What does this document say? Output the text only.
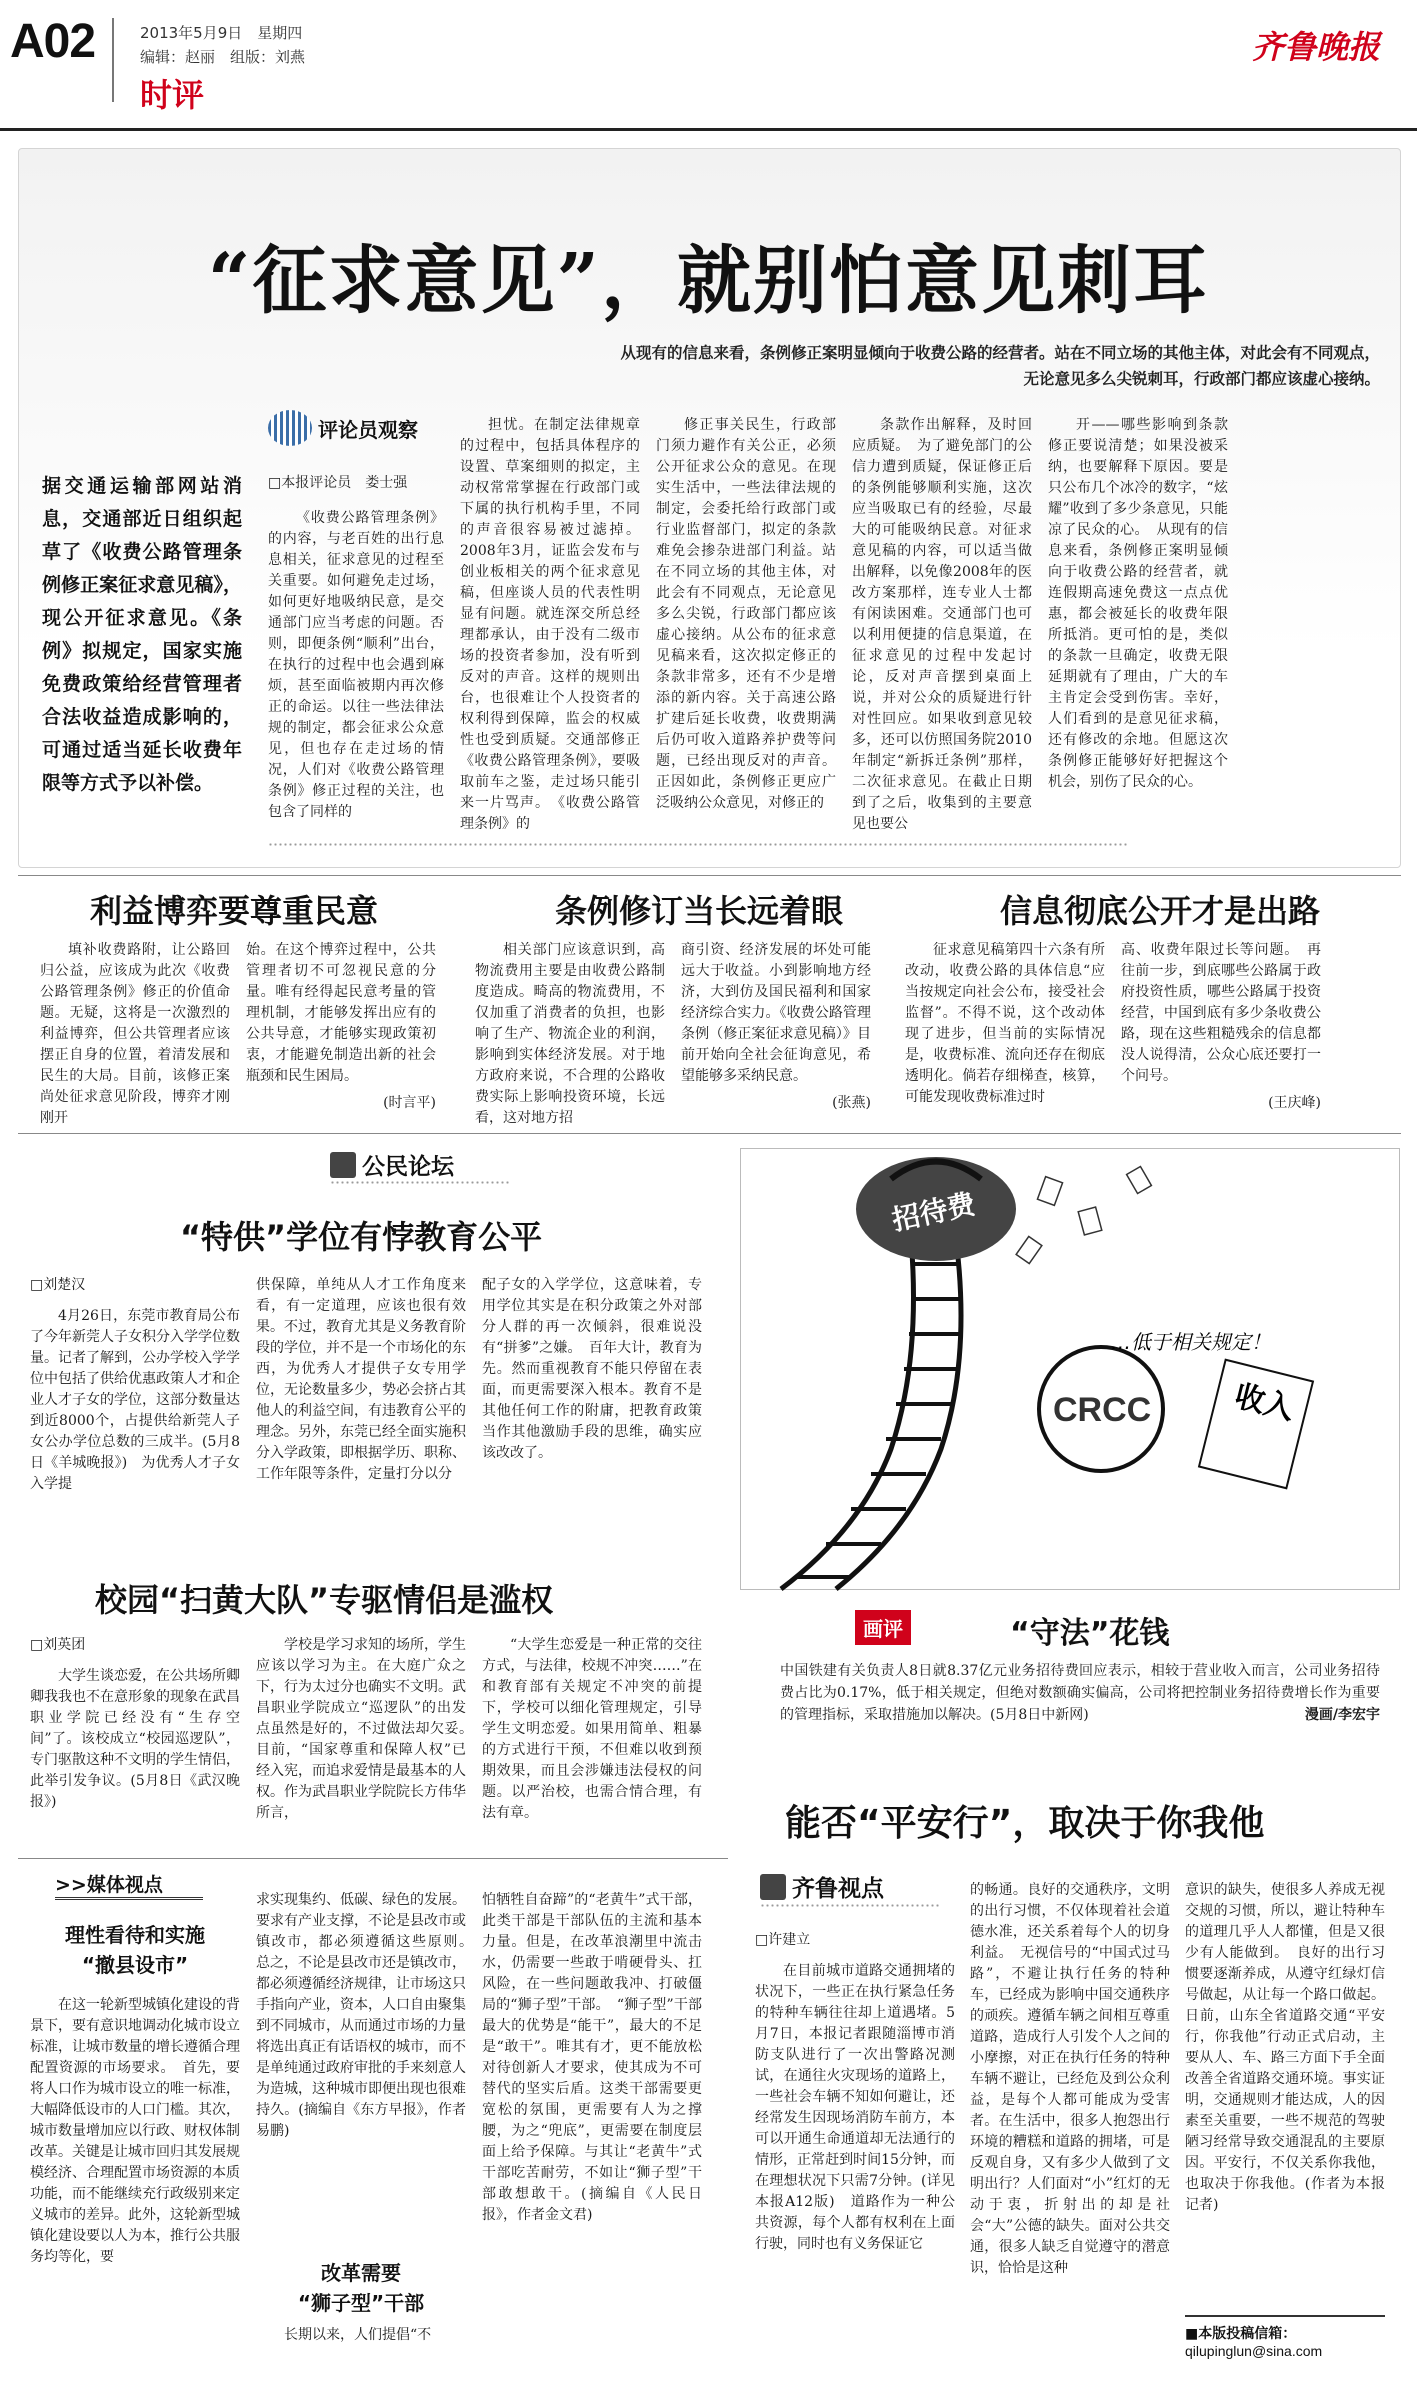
A02	2013年5月9日　 星期四
编辑：赵丽　 组版：刘燕
时评
齐鲁晚报
“征求意见”，就别怕意见刺耳
从现有的信息来看，条例修正案明显倾向于收费公路的经营者。站在不同立场的其他主体，对此会有不同观点，
无论意见多么尖锐刺耳，行政部门都应该虚心接纳。
评论员观察
据交通运输部网站消息，交通部近日组织起草了《收费公路管理条例修正案征求意见稿》，现公开征求意见。《条例》拟规定，国家实施免费政策给经营管理者合法收益造成影响的，可通过适当延长收费年限等方式予以补偿。
□本报评论员　娄士强

《收费公路管理条例》的内容，与老百姓的出行息息相关，征求意见的过程至关重要。如何避免走过场，如何更好地吸纳民意，是交通部门应当考虑的问题。否则，即便条例“顺利”出台，在执行的过程中也会遇到麻烦，甚至面临被期内再次修正的命运。以往一些法律法规的制定，都会征求公众意见，但也存在走过场的情况，人们对《收费公路管理条例》修正过程的关注，也包含了同样的

担忧。在制定法律规章的过程中，包括具体程序的设置、草案细则的拟定，主动权常常掌握在行政部门或下属的执行机构手里，不同的声音很容易被过滤掉。2008年3月，证监会发布与创业板相关的两个征求意见稿，但座谈人员的代表性明显有问题。就连深交所总经理都承认，由于没有二级市场的投资者参加，没有听到反对的声音。这样的规则出台，也很难让个人投资者的权利得到保障，监会的权威性也受到质疑。交通部修正《收费公路管理条例》，要吸取前车之鉴，走过场只能引来一片骂声。　《收费公路管理条例》的

修正事关民生，行政部门须力避作有关公正，必须公开征求公众的意见。在现实生活中，一些法律法规的制定，会委托给行政部门或行业监督部门，拟定的条款难免会掺杂进部门利益。站在不同立场的其他主体，对此会有不同观点，无论意见多么尖锐，行政部门都应该虚心接纳。从公布的征求意见稿来看，这次拟定修正的条款非常多，还有不少是增添的新内容。关于高速公路扩建后延长收费，收费期满后仍可收入道路养护费等问题，已经出现反对的声音。正因如此，条例修正更应广泛吸纳公众意见，对修正的

条款作出解释，及时回应质疑。　为了避免部门的公信力遭到质疑，保证修正后的条例能够顺利实施，这次应当吸取已有的经验，尽最大的可能吸纳民意。对征求意见稿的内容，可以适当做出解释，以免像2008年的医改方案那样，连专业人士都有闲读困难。交通部门也可以利用便捷的信息渠道，在征求意见的过程中发起讨论，反对声音摆到桌面上说，并对公众的质疑进行针对性回应。如果收到意见较多，还可以仿照国务院2010年制定“新拆迁条例”那样，二次征求意见。在截止日期到了之后，收集到的主要意见也要公

开——哪些影响到条款修正要说清楚；如果没被采纳，也要解释下原因。要是只公布几个冰冷的数字，“炫耀”收到了多少条意见，只能凉了民众的心。　从现有的信息来看，条例修正案明显倾向于收费公路的经营者，就连假期高速免费这一点点优惠，都会被延长的收费年限所抵消。更可怕的是，类似的条款一旦确定，收费无限延期就有了理由，广大的车主肯定会受到伤害。幸好，人们看到的是意见征求稿，还有修改的余地。但愿这次条例修正能够好好把握这个机会，别伤了民众的心。

利益博弈要尊重民意	条例修订当长远着眼	信息彻底公开才是出路

填补收费路附，让公路回归公益，应该成为此次《收费公路管理条例》修正的价值命题。无疑，这将是一次激烈的利益博弈，但公共管理者应该摆正自身的位置，着清发展和民生的大局。目前，该修正案尚处征求意见阶段，博弈才刚刚开

始。在这个博弈过程中，公共管理者切不可忽视民意的分量。唯有经得起民意考量的管理机制，才能够发挥出应有的公共导意，才能够实现政策初衷，才能避免制造出新的社会瓶颈和民生困局。

(时言平)

相关部门应该意识到，高物流费用主要是由收费公路制度造成。畸高的物流费用，不仅加重了消费者的负担，也影响了生产、物流企业的利润，影响到实体经济发展。对于地方政府来说，不合理的公路收费实际上影响投资环境，长远看，这对地方招

商引资、经济发展的坏处可能远大于收益。小到影响地方经济，大到仿及国民福利和国家经济综合实力。《收费公路管理条例（修正案征求意见稿）》目前开始向全社会征询意见，希望能够多采纳民意。

(张燕)

征求意见稿第四十六条有所改动，收费公路的具体信息“应当按规定向社会公布，接受社会监督”。不得不说，这个改动体现了进步，但当前的实际情况是，收费标准、流向还存在彻底透明化。倘若存细梯查，核算，可能发现收费标准过时

高、收费年限过长等问题。　再往前一步，到底哪些公路属于政府投资性质，哪些公路属于投资经营，中国到底有多少条收费公路，现在这些粗糙残余的信息都没人说得清，公众心底还要打一个问号。

(王庆峰)

公民论坛
“特供”学位有悖教育公平
□刘楚汉

4月26日，东莞市教育局公布了今年新莞人子女积分入学学位数量。记者了解到，公办学校入学学位中包括了供给优惠政策人才和企业人才子女的学位，这部分数量达到近8000个，占提供给新莞人子女公办学位总数的三成半。(5月8日《羊城晚报》)　为优秀人才子女入学提

供保障，单纯从人才工作角度来看，有一定道理，应该也很有效果。不过，教育尤其是义务教育阶段的学位，并不是一个市场化的东西，为优秀人才提供子女专用学位，无论数量多少，势必会挤占其他人的利益空间，有违教育公平的理念。另外，东莞已经全面实施积分入学政策，即根据学历、职称、工作年限等条件，定量打分以分

配子女的入学学位，这意味着，专用学位其实是在积分政策之外对部分人群的再一次倾斜，很难说没有“拼爹”之嫌。　百年大计，教育为先。然而重视教育不能只停留在表面，而更需要深入根本。教育不是其他任何工作的附庸，把教育政策当作其他激励手段的思维，确实应该改改了。

校园“扫黄大队”专驱情侣是滥权
□刘英团

大学生谈恋爱，在公共场所卿卿我我也不在意形象的现象在武昌职业学院已经没有“生存空间”了。该校成立“校园巡逻队”，专门驱散这种不文明的学生情侣，此举引发争议。(5月8日《武汉晚报》)

学校是学习求知的场所，学生应该以学习为主。在大庭广众之下，行为太过分也确实不文明。武昌职业学院成立“巡逻队”的出发点虽然是好的，不过做法却欠妥。　目前，“国家尊重和保障人权”已经入宪，而追求爱情是最基本的人权。作为武昌职业学院院长方伟华所言，

“大学生恋爱是一种正常的交往方式，与法律，校规不冲突……”在和教育部有关规定不冲突的前提下，学校可以细化管理规定，引导学生文明恋爱。如果用简单、粗暴的方式进行干预，不但难以收到预期效果，而且会涉嫌违法侵权的问题。以严治校，也需合情合理，有法有章。

招待费
CRCC	收入
…低于相关规定！
画评	“守法”花钱
中国铁建有关负责人8日就8.37亿元业务招待费回应表示，相较于营业收入而言，公司业务招待费占比为0.17%，低于相关规定，但绝对数额确实偏高，公司将把控制业务招待费增长作为重要的管理指标，采取措施加以解决。(5月8日中新网)	漫画/李宏宇
>>媒体视点
理性看待和实施
“撤县设市”

在这一轮新型城镇化建设的背景下，要有意识地调动化城市设立标准，让城市数量的增长遵循合理配置资源的市场要求。　首先，要将人口作为城市设立的唯一标准，大幅降低设市的人口门槛。其次，城市数量增加应以行政、财权体制改革。关键是让城市回归其发展规模经济、合理配置市场资源的本质功能，而不能继续充行政级别来定义城市的差异。此外，这轮新型城镇化建设要以人为本，推行公共服务均等化，要

求实现集约、低碳、绿色的发展。要求有产业支撑，不论是县改市或镇改市，都必须遵循这些原则。　总之，不论是县改市还是镇改市，都必须遵循经济规律，让市场这只手指向产业，资本，人口自由聚集到不同城市，从而通过市场的力量将选出真正有话语权的城市，而不是单纯通过政府审批的手来刻意人为造城，这种城市即便出现也很难持久。(摘编自《东方早报》，作者易鹏)

改革需要
“狮子型”干部

长期以来，人们提倡“不

怕牺牲自奋蹄”的“老黄牛”式干部，此类干部是干部队伍的主流和基本力量。但是，在改革浪潮里中流击水，仍需要一些敢于啃硬骨头、扛风险，在一些问题敢我冲、打破僵局的“狮子型”干部。　“狮子型”干部最大的优势是“能干”，最大的不足是“敢干”。唯其有才，更不能放松对待创新人才要求，使其成为不可替代的坚实后盾。这类干部需要更宽松的氛围，更需要有人为之撑腰，为之“兜底”，更需要在制度层面上给予保障。与其让“老黄牛”式干部吃苦耐劳，不如让“狮子型”干部敢想敢干。(摘编自《人民日报》，作者金文君)

能否“平安行”，取决于你我他
齐鲁视点
□许建立

在目前城市道路交通拥堵的状况下，一些正在执行紧急任务的特种车辆往往却上道遇堵。5月7日，本报记者跟随淄博市消防支队进行了一次出警路况测试，在通往火灾现场的道路上，一些社会车辆不知如何避让，还经常发生因现场消防车前方，本可以开通生命通道却无法通行的情形，正常赶到时间15分钟，而在理想状况下只需7分钟。(详见本报A12版)　道路作为一种公共资源，每个人都有权利在上面行驶，同时也有义务保证它

的畅通。良好的交通秩序，文明的出行习惯，不仅体现着社会道德水准，还关系着每个人的切身利益。　无视信号的“中国式过马路”，不避让执行任务的特种车，已经成为影响中国交通秩序的顽疾。遵循车辆之间相互尊重道路，造成行人引发个人之间的小摩擦，对正在执行任务的特种车辆不避让，已经危及到公众利益，是每个人都可能成为受害者。在生活中，很多人抱怨出行环境的糟糕和道路的拥堵，可是反观自身，又有多少人做到了文明出行？人们面对“小”红灯的无动于衷，折射出的却是社会“大”公德的缺失。面对公共交通，很多人缺乏自觉遵守的潜意识，恰恰是这种

意识的缺失，使很多人养成无视交规的习惯，所以，避让特种车的道理几乎人人都懂，但是又很少有人能做到。　良好的出行习惯要逐渐养成，从遵守红绿灯信号做起，从让每一个路口做起。日前，山东全省道路交通“平安行，你我他”行动正式启动，主要从人、车、路三方面下手全面改善全省道路交通环境。事实证明，交通规则才能达成，人的因素至关重要，一些不规范的驾驶陋习经常导致交通混乱的主要原因。平安行，不仅关系你我他，也取决于你我他。(作者为本报记者)

■本版投稿信箱：
qilupinglun@sina.com
